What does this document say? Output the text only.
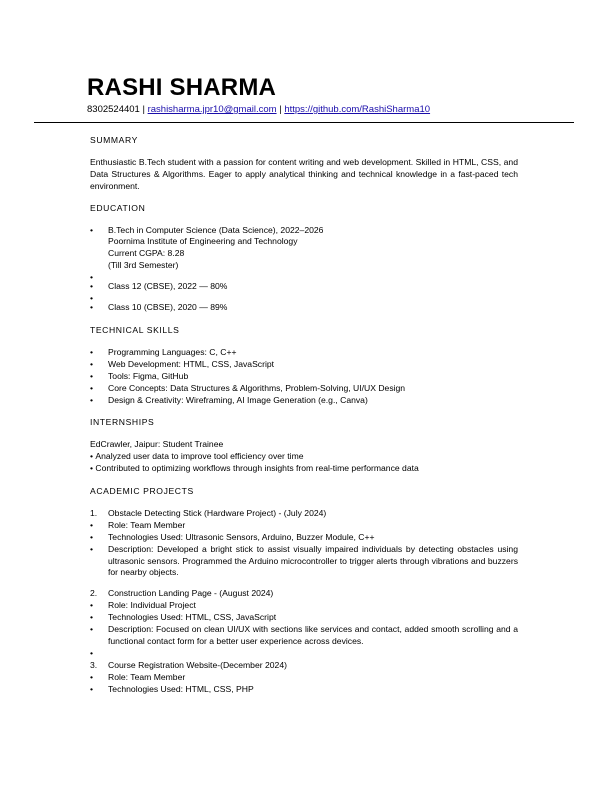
RASHI SHARMA
8302524401 | rashisharma.jpr10@gmail.com | https://github.com/RashiSharma10
SUMMARY
Enthusiastic B.Tech student with a passion for content writing and web development. Skilled in HTML, CSS, and Data Structures & Algorithms. Eager to apply analytical thinking and technical knowledge in a fast-paced tech environment.
EDUCATION
• B.Tech in Computer Science (Data Science), 2022–2026
Poornima Institute of Engineering and Technology
Current CGPA: 8.28
(Till 3rd Semester)
•
• Class 12 (CBSE), 2022 — 80%
•
• Class 10 (CBSE), 2020 — 89%
TECHNICAL SKILLS
• Programming Languages: C, C++
• Web Development: HTML, CSS, JavaScript
• Tools: Figma, GitHub
• Core Concepts: Data Structures & Algorithms, Problem-Solving, UI/UX Design
• Design & Creativity: Wireframing, AI Image Generation (e.g., Canva)
INTERNSHIPS
EdCrawler, Jaipur: Student Trainee
• Analyzed user data to improve tool efficiency over time
• Contributed to optimizing workflows through insights from real-time performance data
ACADEMIC PROJECTS
1. Obstacle Detecting Stick (Hardware Project) - (July 2024)
• Role: Team Member
• Technologies Used: Ultrasonic Sensors, Arduino, Buzzer Module, C++
• Description: Developed a bright stick to assist visually impaired individuals by detecting obstacles using ultrasonic sensors. Programmed the Arduino microcontroller to trigger alerts through vibrations and buzzers for nearby objects.
2. Construction Landing Page - (August 2024)
• Role: Individual Project
• Technologies Used: HTML, CSS, JavaScript
• Description: Focused on clean UI/UX with sections like services and contact, added smooth scrolling and a functional contact form for a better user experience across devices.
•
3. Course Registration Website-(December 2024)
• Role: Team Member
• Technologies Used: HTML, CSS, PHP
